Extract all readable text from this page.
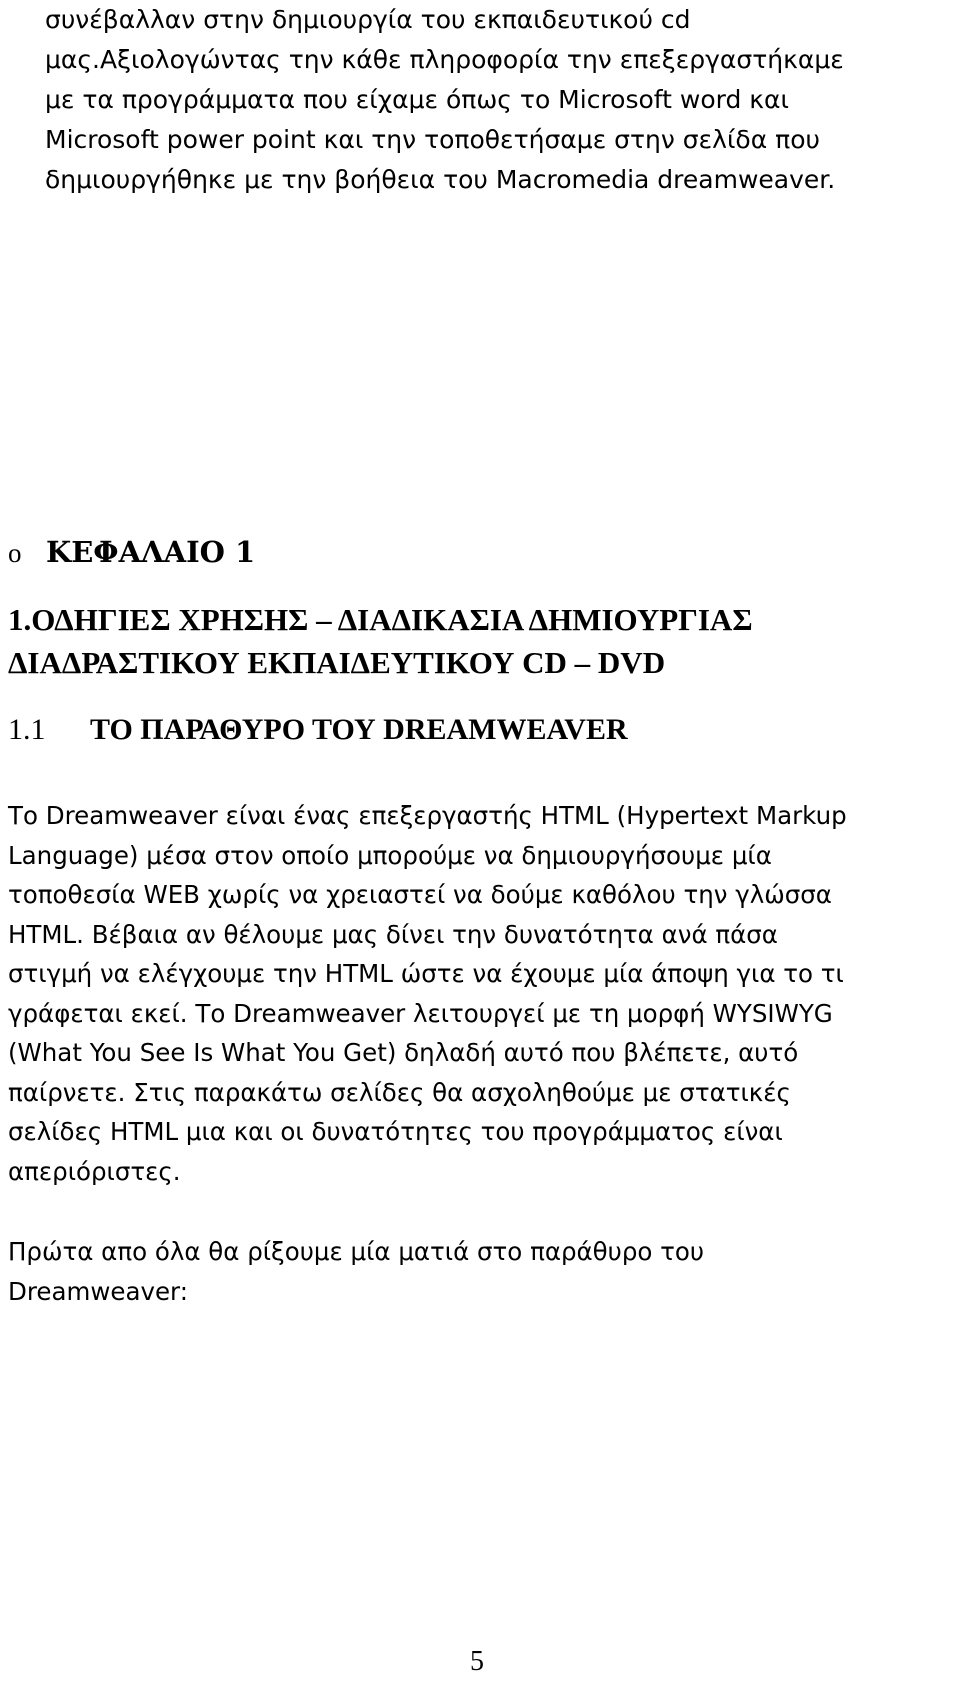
συνέβαλλαν στην δημιουργία του εκπαιδευτικού cd
μας.Αξιολογώντας την κάθε πληροφορία την επεξεργαστήκαμε
με τα προγράμματα που είχαμε όπως το Microsoft word και
Microsoft power point και την τοποθετήσαμε στην σελίδα που
δημιουργήθηκε με την βοήθεια του Macromedia dreamweaver.
o ΚΕΦΑΛΑΙΟ 1
1.ΟΔΗΓΙΕΣ ΧΡΗΣΗΣ – ΔΙΑΔΙΚΑΣΙΑ ΔΗΜΙΟΥΡΓΙΑΣ
ΔΙΑΔΡΑΣΤΙΚΟΥ ΕΚΠΑΙΔΕΥΤΙΚΟΥ CD – DVD
1.1 ΤΟ ΠΑΡΑΘΥΡΟ ΤΟΥ DREAMWEAVER
Το Dreamweaver είναι ένας επεξεργαστής HTML (Hypertext Markup
Language) μέσα στον οποίο μπορούμε να δημιουργήσουμε μία
τοποθεσία WEB χωρίς να χρειαστεί να δούμε καθόλου την γλώσσα
HTML. Βέβαια αν θέλουμε μας δίνει την δυνατότητα ανά πάσα
στιγμή να ελέγχουμε την HTML ώστε να έχουμε μία άποψη για το τι
γράφεται εκεί. Το Dreamweaver λειτουργεί με τη μορφή WYSIWYG
(What You See Is What You Get) δηλαδή αυτό που βλέπετε, αυτό
παίρνετε. Στις παρακάτω σελίδες θα ασχοληθούμε με στατικές
σελίδες HTML μια και οι δυνατότητες του προγράμματος είναι
απεριόριστες.
Πρώτα απο όλα θα ρίξουμε μία ματιά στο παράθυρο του
Dreamweaver:
5
